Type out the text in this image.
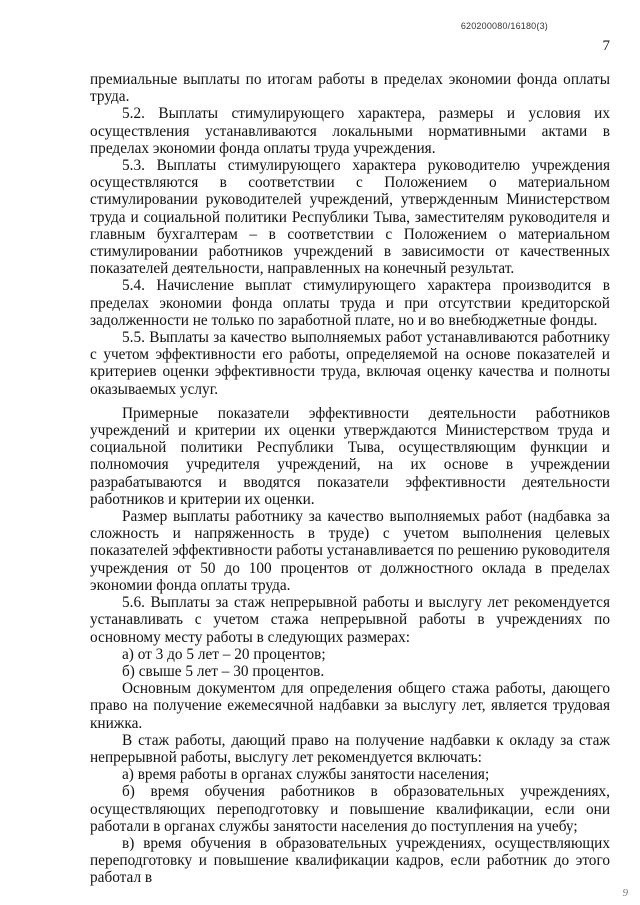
620200080/16180(3)
7

премиальные выплаты по итогам работы в пределах экономии фонда оплаты труда.

5.2. Выплаты стимулирующего характера, размеры и условия их осуществления устанавливаются локальными нормативными актами в пределах экономии фонда оплаты труда учреждения.

5.3. Выплаты стимулирующего характера руководителю учреждения осуществляются в соответствии с Положением о материальном стимулировании руководителей учреждений, утвержденным Министерством труда и социальной политики Республики Тыва, заместителям руководителя и главным бухгалтерам – в соответствии с Положением о материальном стимулировании работников учреждений в зависимости от качественных показателей деятельности, направленных на конечный результат.

5.4. Начисление выплат стимулирующего характера производится в пределах экономии фонда оплаты труда и при отсутствии кредиторской задолженности не только по заработной плате, но и во внебюджетные фонды.

5.5. Выплаты за качество выполняемых работ устанавливаются работнику с учетом эффективности его работы, определяемой на основе показателей и критериев оценки эффективности труда, включая оценку качества и полноты оказываемых услуг.

Примерные показатели эффективности деятельности работников учреждений и критерии их оценки утверждаются Министерством труда и социальной политики Республики Тыва, осуществляющим функции и полномочия учредителя учреждений, на их основе в учреждении разрабатываются и вводятся показатели эффективности деятельности работников и критерии их оценки.

Размер выплаты работнику за качество выполняемых работ (надбавка за сложность и напряженность в труде) с учетом выполнения целевых показателей эффективности работы устанавливается по решению руководителя учреждения от 50 до 100 процентов от должностного оклада в пределах экономии фонда оплаты труда.

5.6. Выплаты за стаж непрерывной работы и выслугу лет рекомендуется устанавливать с учетом стажа непрерывной работы в учреждениях по основному месту работы в следующих размерах:

а) от 3 до 5 лет – 20 процентов;

б) свыше 5 лет – 30 процентов.

Основным документом для определения общего стажа работы, дающего право на получение ежемесячной надбавки за выслугу лет, является трудовая книжка.

В стаж работы, дающий право на получение надбавки к окладу за стаж непрерывной работы, выслугу лет рекомендуется включать:

а) время работы в органах службы занятости населения;

б) время обучения работников в образовательных учреждениях, осуществляющих переподготовку и повышение квалификации, если они работали в органах службы занятости населения до поступления на учебу;

в) время обучения в образовательных учреждениях, осуществляющих переподготовку и повышение квалификации кадров, если работник до этого работал в

9
